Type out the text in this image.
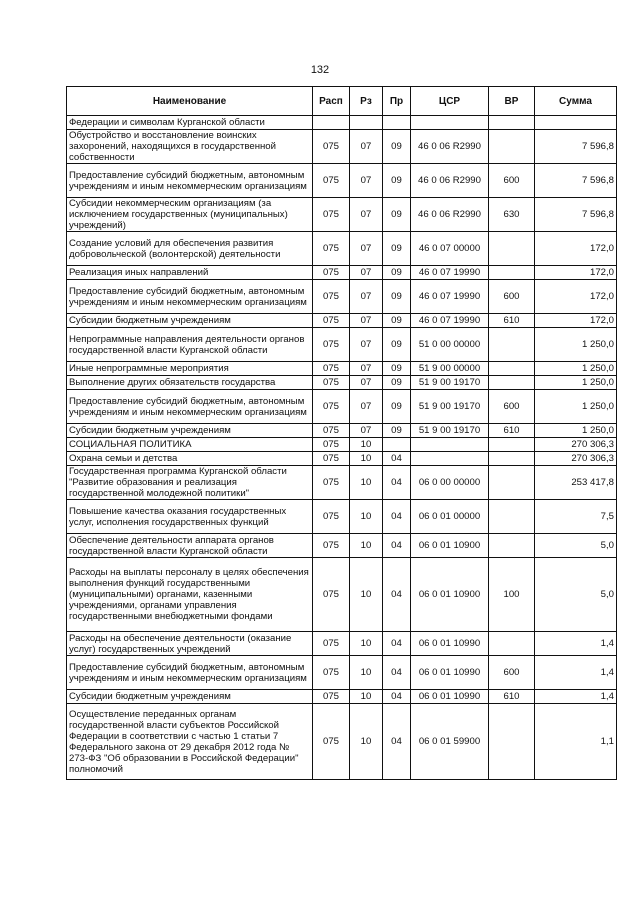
132
Наименование	Расп	Рз	Пр	ЦСР	ВР	Сумма
Федерации и символам Курганской области						
Обустройство и восстановление воинских захоронений, находящихся в государственной собственности	075	07	09	46 0 06 R2990		7 596,8
Предоставление субсидий бюджетным, автономным учреждениям и иным некоммерческим организациям	075	07	09	46 0 06 R2990	600	7 596,8
Субсидии некоммерческим организациям (за исключением государственных (муниципальных) учреждений)	075	07	09	46 0 06 R2990	630	7 596,8
Создание условий для обеспечения развития добровольческой (волонтерской) деятельности	075	07	09	46 0 07 00000		172,0
Реализация иных направлений	075	07	09	46 0 07 19990		172,0
Предоставление субсидий бюджетным, автономным учреждениям и иным некоммерческим организациям	075	07	09	46 0 07 19990	600	172,0
Субсидии бюджетным учреждениям	075	07	09	46 0 07 19990	610	172,0
Непрограммные направления деятельности органов государственной власти Курганской области	075	07	09	51 0 00 00000		1 250,0
Иные непрограммные мероприятия	075	07	09	51 9 00 00000		1 250,0
Выполнение других обязательств государства	075	07	09	51 9 00 19170		1 250,0
Предоставление субсидий бюджетным, автономным учреждениям и иным некоммерческим организациям	075	07	09	51 9 00 19170	600	1 250,0
Субсидии бюджетным учреждениям	075	07	09	51 9 00 19170	610	1 250,0
СОЦИАЛЬНАЯ ПОЛИТИКА	075	10				270 306,3
Охрана семьи и детства	075	10	04			270 306,3
Государственная программа Курганской области "Развитие образования и реализация государственной молодежной политики"	075	10	04	06 0 00 00000		253 417,8
Повышение качества оказания государственных услуг, исполнения государственных функций	075	10	04	06 0 01 00000		7,5
Обеспечение деятельности аппарата органов государственной власти Курганской области	075	10	04	06 0 01 10900		5,0
Расходы на выплаты персоналу в целях обеспечения выполнения функций государственными (муниципальными) органами, казенными учреждениями, органами управления государственными внебюджетными фондами	075	10	04	06 0 01 10900	100	5,0
Расходы на обеспечение деятельности (оказание услуг) государственных учреждений	075	10	04	06 0 01 10990		1,4
Предоставление субсидий бюджетным, автономным учреждениям и иным некоммерческим организациям	075	10	04	06 0 01 10990	600	1,4
Субсидии бюджетным учреждениям	075	10	04	06 0 01 10990	610	1,4
Осуществление переданных органам государственной власти субъектов Российской Федерации в соответствии с частью 1 статьи 7 Федерального закона от 29 декабря 2012 года № 273-ФЗ "Об образовании в Российской Федерации" полномочий	075	10	04	06 0 01 59900		1,1
